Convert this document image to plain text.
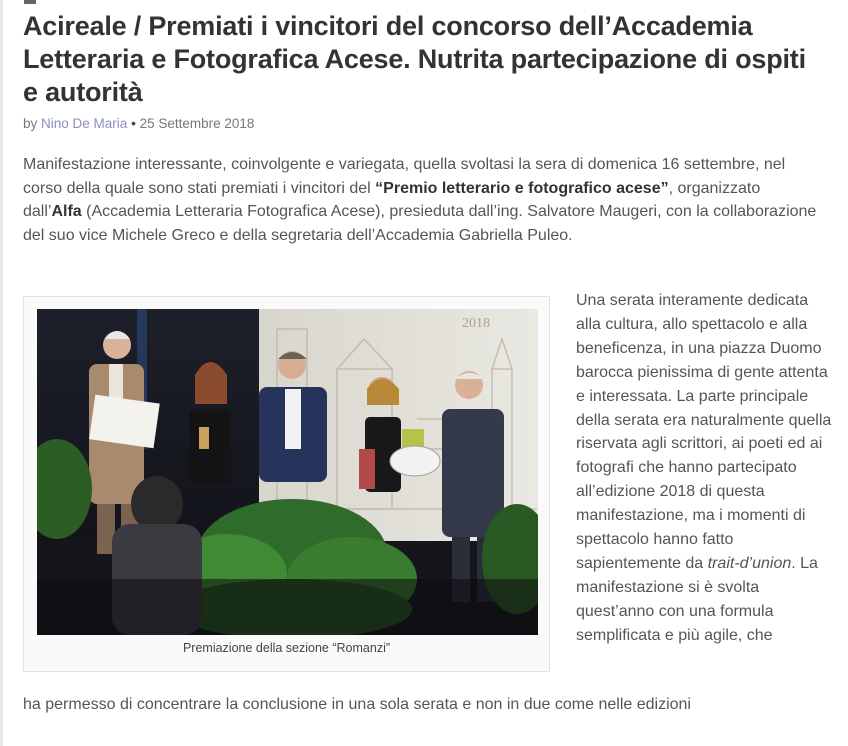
Acireale / Premiati i vincitori del concorso dell’Accademia Letteraria e Fotografica Acese. Nutrita partecipazione di ospiti e autorità
by Nino De Maria • 25 Settembre 2018

Manifestazione interessante, coinvolgente e variegata, quella svoltasi la sera di domenica 16 settembre, nel corso della quale sono stati premiati i vincitori del “Premio letterario e fotografico acese”, organizzato dall’Alfa (Accademia Letteraria Fotografica Acese), presieduta dall’ing. Salvatore Maugeri, con la collaborazione del suo vice Michele Greco e della segretaria dell’Accademia Gabriella Puleo.

2018
Premiazione della sezione “Romanzi”

Una serata interamente dedicata alla cultura, allo spettacolo e alla beneficenza, in una piazza Duomo barocca pienissima di gente attenta e interessata. La parte principale della serata era naturalmente quella riservata agli scrittori, ai poeti ed ai fotografi che hanno partecipato all’edizione 2018 di questa manifestazione, ma i momenti di spettacolo hanno fatto sapientemente da trait-d’union. La manifestazione si è svolta quest’anno con una formula semplificata e più agile, che

ha permesso di concentrare la conclusione in una sola serata e non in due come nelle edizioni
